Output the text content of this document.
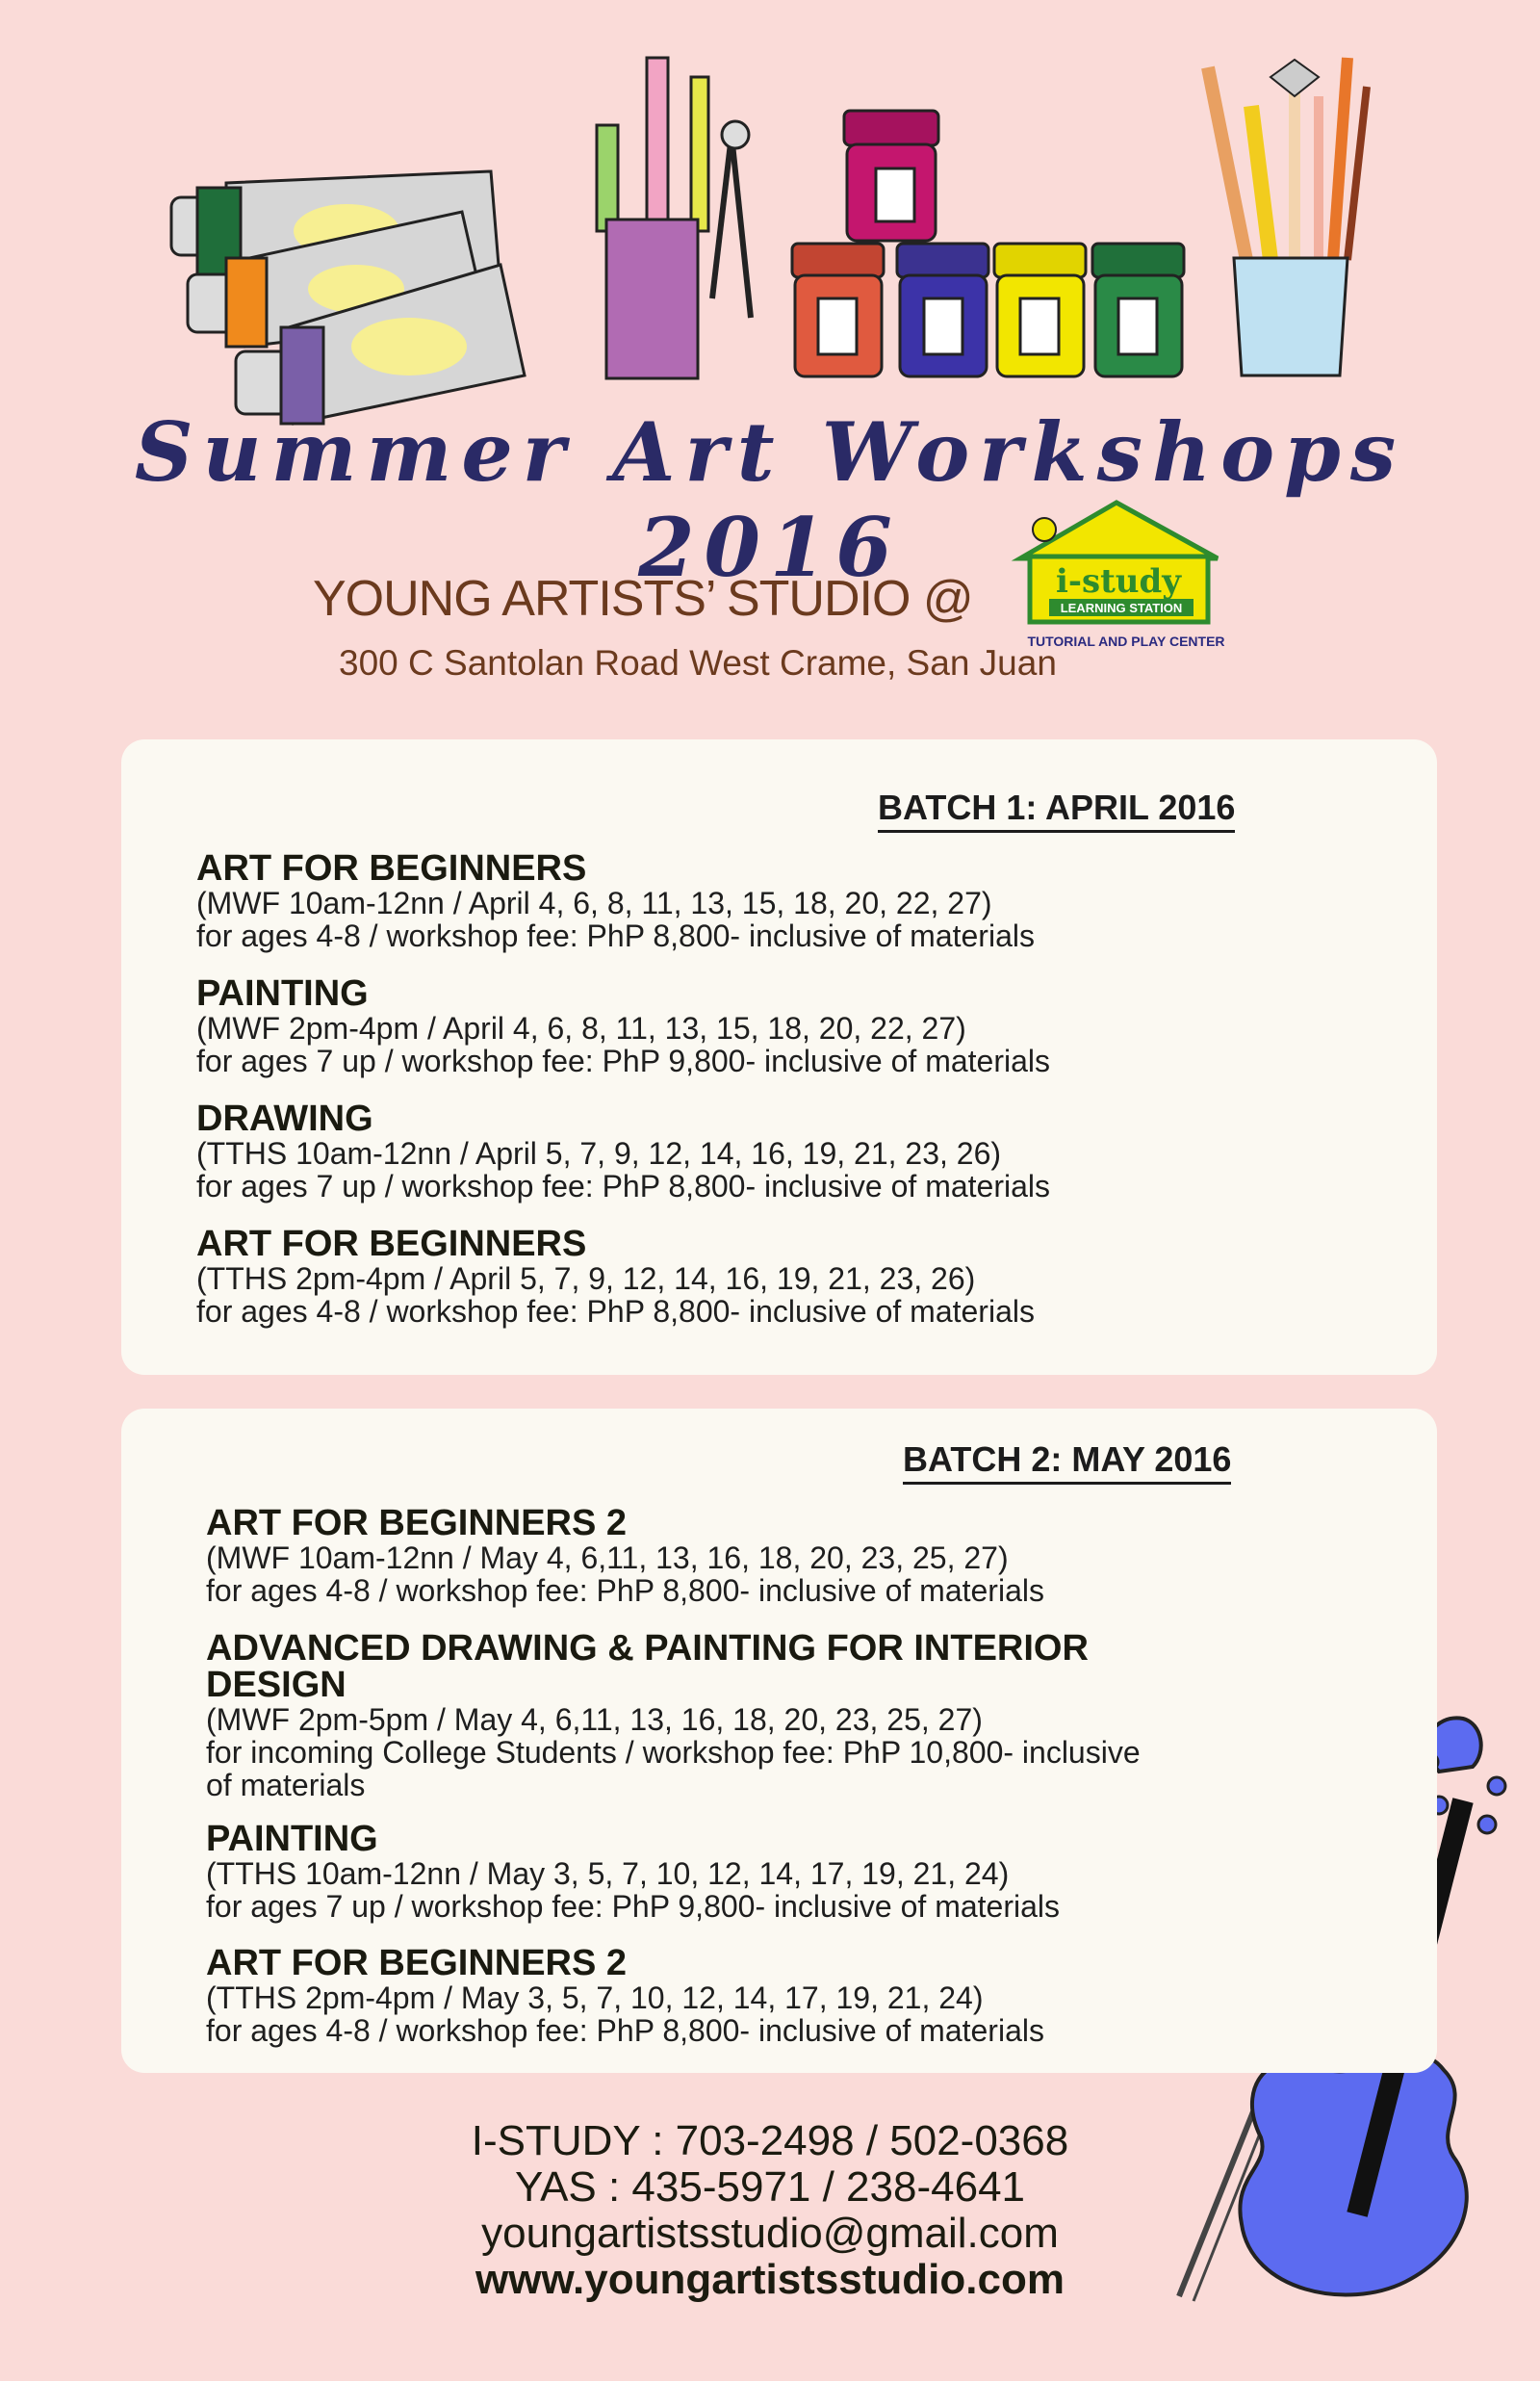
i-study
LEARNING STATION
TUTORIAL AND PLAY CENTER
Summer Art Workshops 2016
YOUNG ARTISTS’ STUDIO @
300 C Santolan Road West Crame, San Juan
BATCH 1: APRIL 2016
ART FOR BEGINNERS
(MWF 10am-12nn / April 4, 6, 8, 11, 13, 15, 18, 20, 22, 27)
for ages 4-8 / workshop fee: PhP 8,800- inclusive of materials
PAINTING
(MWF 2pm-4pm / April 4, 6, 8, 11, 13, 15, 18, 20, 22, 27)
for ages 7 up / workshop fee: PhP 9,800- inclusive of materials
DRAWING
(TTHS 10am-12nn / April 5, 7, 9, 12, 14, 16, 19, 21, 23, 26)
for ages 7 up / workshop fee: PhP 8,800- inclusive of materials
ART FOR BEGINNERS
(TTHS 2pm-4pm / April 5, 7, 9, 12, 14, 16, 19, 21, 23, 26)
for ages 4-8 / workshop fee: PhP 8,800- inclusive of materials
BATCH 2: MAY 2016
ART FOR BEGINNERS 2
(MWF 10am-12nn / May 4, 6,11, 13, 16, 18, 20, 23, 25, 27)
for ages 4-8 / workshop fee: PhP 8,800- inclusive of materials
ADVANCED DRAWING & PAINTING FOR INTERIOR
DESIGN
(MWF 2pm-5pm / May 4, 6,11, 13, 16, 18, 20, 23, 25, 27)
for incoming College Students / workshop fee: PhP 10,800- inclusive
of materials
PAINTING
(TTHS 10am-12nn / May 3, 5, 7, 10, 12, 14, 17, 19, 21, 24)
for ages 7 up / workshop fee: PhP 9,800- inclusive of materials
ART FOR BEGINNERS 2
(TTHS 2pm-4pm / May 3, 5, 7, 10, 12, 14, 17, 19, 21, 24)
for ages 4-8 / workshop fee: PhP 8,800- inclusive of materials
I-STUDY : 703-2498 / 502-0368
YAS : 435-5971 / 238-4641
youngartistsstudio@gmail.com
www.youngartistsstudio.com
